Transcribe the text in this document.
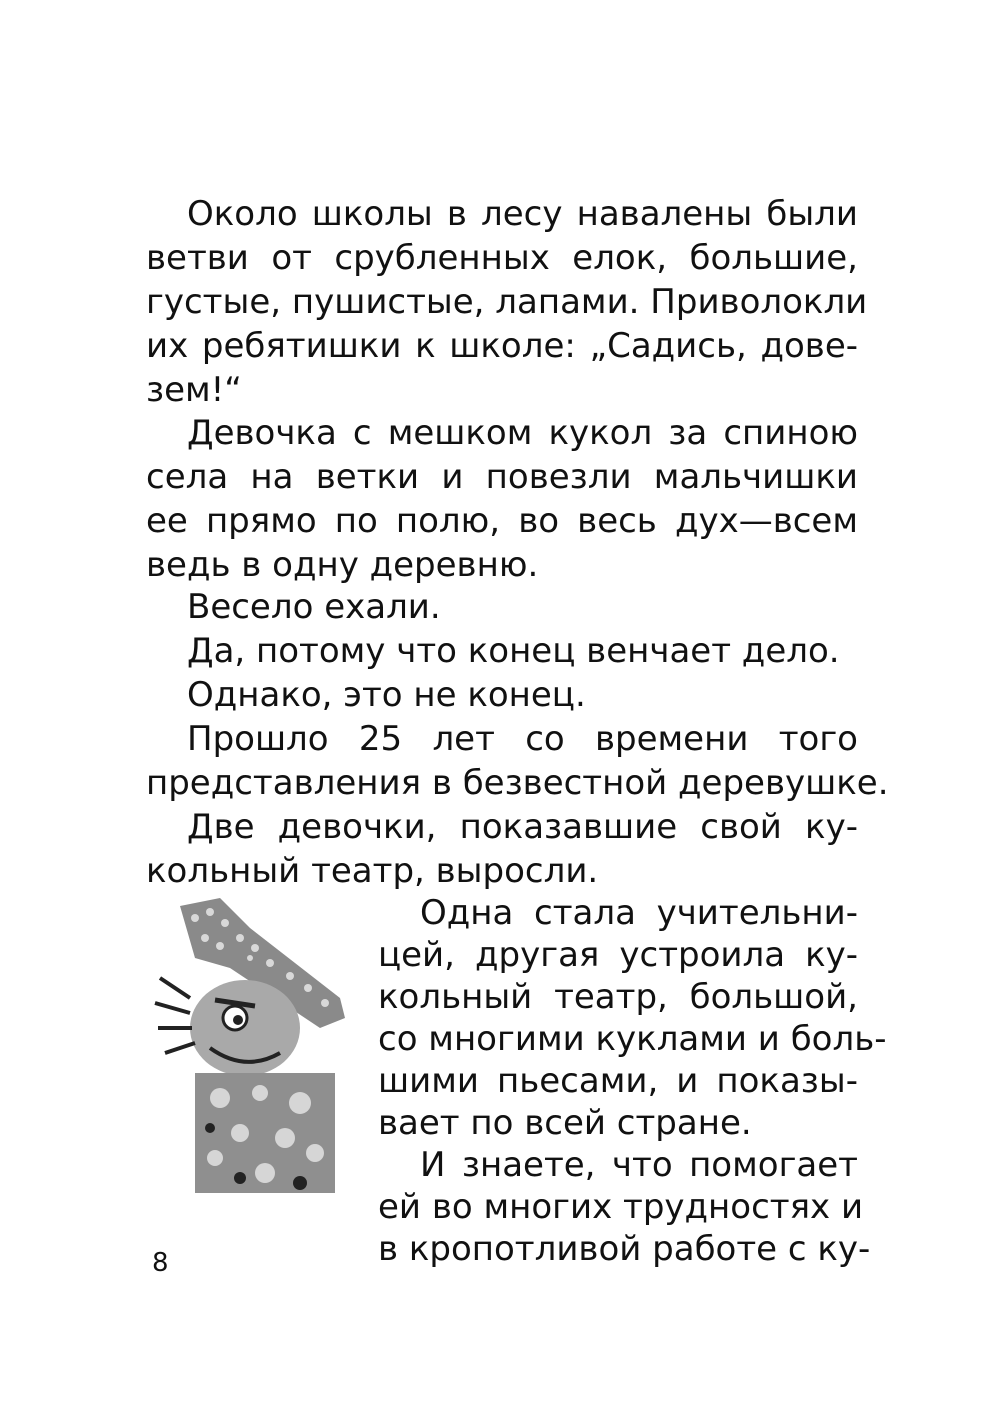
Около школы в лесу навалены были
ветви от срубленных елок, большие,
густые, пушистые, лапами. Приволокли
их ребятишки к школе: „Садись, дове-
зем!“
Девочка с мешком кукол за спиною
села на ветки и повезли мальчишки
ее прямо по полю, во весь дух—всем
ведь в одну деревню.
Весело ехали.
Да, потому что конец венчает дело.
Однако, это не конец.
Прошло 25 лет со времени того
представления в безвестной деревушке.
Две девочки, показавшие свой ку-
кольный театр, выросли.
Одна стала учительни-
цей, другая устроила ку-
кольный театр, большой,
со многими куклами и боль-
шими пьесами, и показы-
вает по всей стране.
И знаете, что помогает
ей во многих трудностях и
в кропотливой работе с ку-
8
